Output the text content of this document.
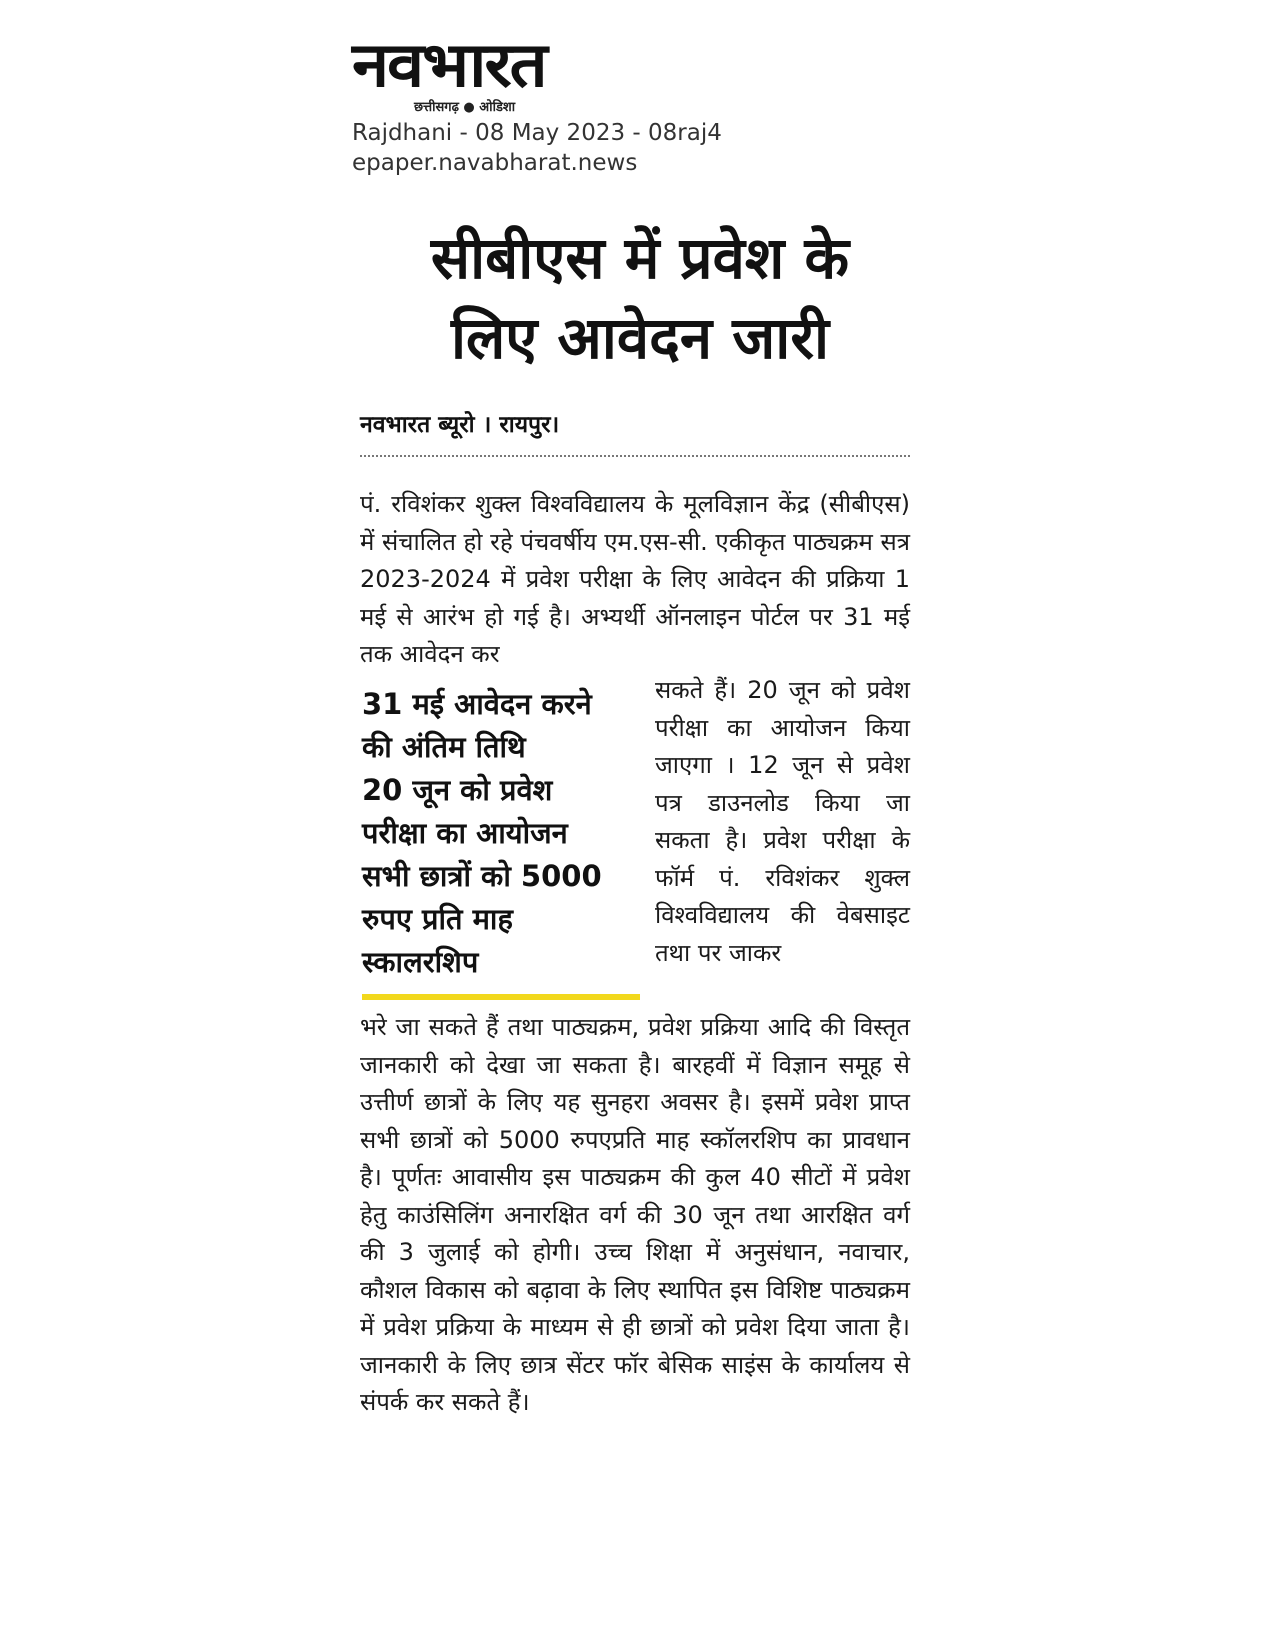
नवभारत
छत्तीसगढ़ ● ओडिशा
Rajdhani - 08 May 2023 - 08raj4
epaper.navabharat.news
सीबीएस में प्रवेश के
लिए आवेदन जारी
नवभारत ब्यूरो । रायपुर।

पं. रविशंकर शुक्ल विश्वविद्यालय के मूलविज्ञान केंद्र (सीबीएस) में संचालित हो रहे पंचवर्षीय एम.एस-सी. एकीकृत पाठ्यक्रम सत्र 2023-2024 में प्रवेश परीक्षा के लिए आवेदन की प्रक्रिया 1 मई से आरंभ हो गई है। अभ्यर्थी ऑनलाइन पोर्टल पर 31 मई तक आवेदन कर

31 मई आवेदन करने
की अंतिम तिथि
20 जून को प्रवेश
परीक्षा का आयोजन
सभी छात्रों को 5000
रुपए प्रति माह
स्कालरशिप

सकते हैं। 20 जून को प्रवेश परीक्षा का आयोजन किया जाएगा । 12 जून से प्रवेश पत्र डाउनलोड किया जा सकता है। प्रवेश परीक्षा के फॉर्म पं. रविशंकर शुक्ल विश्वविद्यालय की वेबसाइट तथा पर जाकर

भरे जा सकते हैं तथा पाठ्यक्रम, प्रवेश प्रक्रिया आदि की विस्तृत जानकारी को देखा जा सकता है। बारहवीं में विज्ञान समूह से उत्तीर्ण छात्रों के लिए यह सुनहरा अवसर है। इसमें प्रवेश प्राप्त सभी छात्रों को 5000 रुपएप्रति माह स्कॉलरशिप का प्रावधान है। पूर्णतः आवासीय इस पाठ्यक्रम की कुल 40 सीटों में प्रवेश हेतु काउंसिलिंग अनारक्षित वर्ग की 30 जून तथा आरक्षित वर्ग की 3 जुलाई को होगी। उच्च शिक्षा में अनुसंधान, नवाचार, कौशल विकास को बढ़ावा के लिए स्थापित इस विशिष्ट पाठ्यक्रम में प्रवेश प्रक्रिया के माध्यम से ही छात्रों को प्रवेश दिया जाता है। जानकारी के लिए छात्र सेंटर फॉर बेसिक साइंस के कार्यालय से संपर्क कर सकते हैं।
